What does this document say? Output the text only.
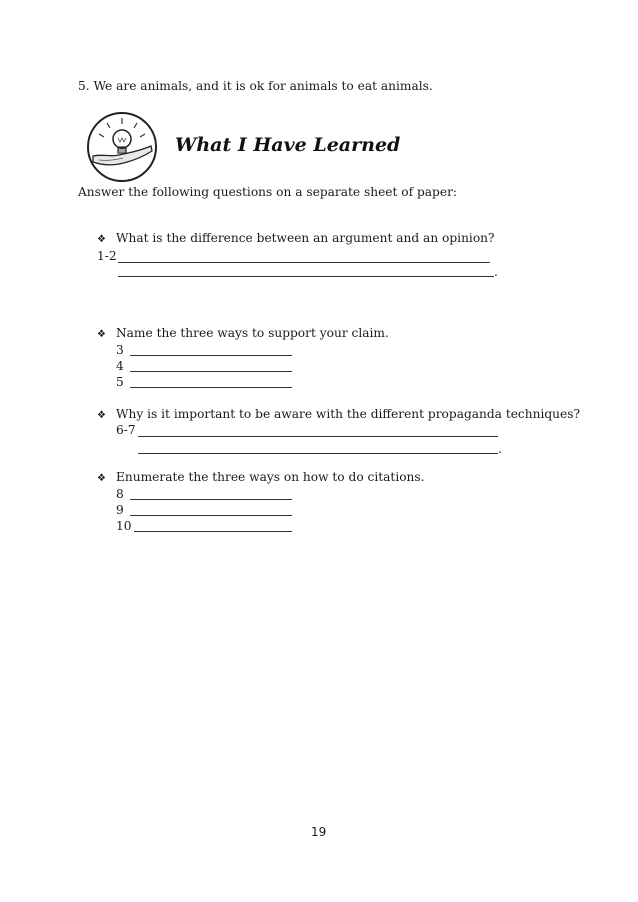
5. We are animals, and it is ok for animals to eat animals.
What I Have Learned
Answer the following questions on a separate sheet of paper:
❖ What is the difference between an argument and an opinion?
1-2
.
❖ Name the three ways to support your claim.
3
4
5
❖ Why is it important to be aware with the different propaganda techniques?
6-7
.
❖ Enumerate the three ways on how to do citations.
8
9
10
19
